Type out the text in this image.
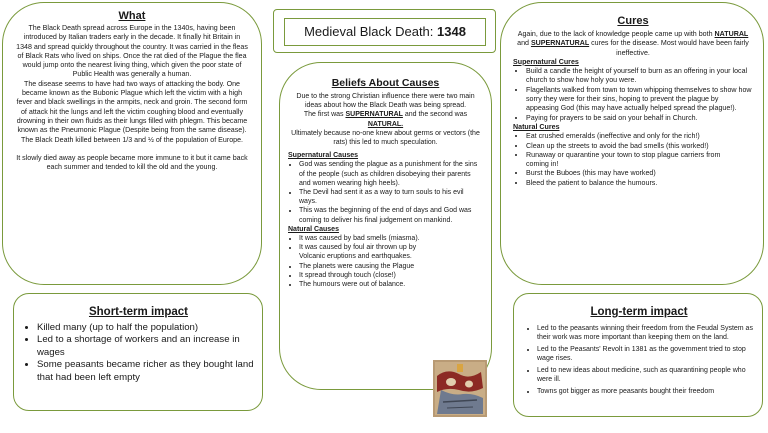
What

The Black Death spread across Europe in the 1340s, having been introduced by Italian traders early in the decade. It finally hit Britain in 1348 and spread quickly throughout the country. It was carried in the fleas of Black Rats who lived on ships. Once the rat died of the Plague the flea would jump onto the nearest living thing, which given the poor state of Public Health was generally a human.

The disease seems to have had two ways of attacking the body. One became known as the Bubonic Plague which left the victim with a high fever and black swellings in the armpits, neck and groin. The second form of attack hit the lungs and left the victim coughing blood and eventually drowning in their own fluids as their lungs filled with phlegm. This became known as the Pneumonic Plague (Despite being from the same disease).

The Black Death killed between 1/3 and ½ of the population of Europe.

It slowly died away as people became more immune to it but it came back each summer and tended to kill the old and the young.

Medieval Black Death: 1348

Beliefs About Causes

Due to the strong Christian influence there were two main ideas about how the Black Death was being spread.

The first was SUPERNATURAL and the second was NATURAL.

Ultimately because no-one knew about germs or vectors (the rats) this led to much speculation.

Supernatural Causes

• God was sending the plague as a punishment for the sins of the people (such as children disobeying their parents and women wearing high heels).
• The Devil had sent it as a way to turn souls to his evil ways.
• This was the beginning of the end of days and God was coming to deliver his final judgement on mankind.

Natural Causes

• It was caused by bad smells (miasma).
• It was caused by foul air thrown up by Volcanic eruptions and earthquakes.
• The planets were causing the Plague
• It spread through touch (close!)
• The humours were out of balance.

Cures

Again, due to the lack of knowledge people came up with both NATURAL and SUPERNATURAL cures for the disease. Most would have been fairly ineffective.

Supernatural Cures

• Build a candle the height of yourself to burn as an offering in your local church to show how holy you were.
• Flagellants walked from town to town whipping themselves to show how sorry they were for their sins, hoping to prevent the plague by appeasing God (this may have actually helped spread the plague!).
• Paying for prayers to be said on your behalf in Church.

Natural Cures

• Eat crushed emeralds (ineffective and only for the rich!)
• Clean up the streets to avoid the bad smells (this worked!)
• Runaway or quarantine your town to stop plague carriers from coming in!
• Burst the Buboes (this may have worked)
• Bleed the patient to balance the humours.

Short-term impact

• Killed many (up to half the population)
• Led to a shortage of workers and an increase in wages
• Some peasants became richer as they bought land that had been left empty

Long-term impact

• Led to the peasants winning their freedom from the Feudal System as their work was more important than keeping them on the land.
• Led to the Peasants' Revolt in 1381 as the government tried to stop wage rises.
• Led to new ideas about medicine, such as quarantining people who were ill.
• Towns got bigger as more peasants bought their freedom
